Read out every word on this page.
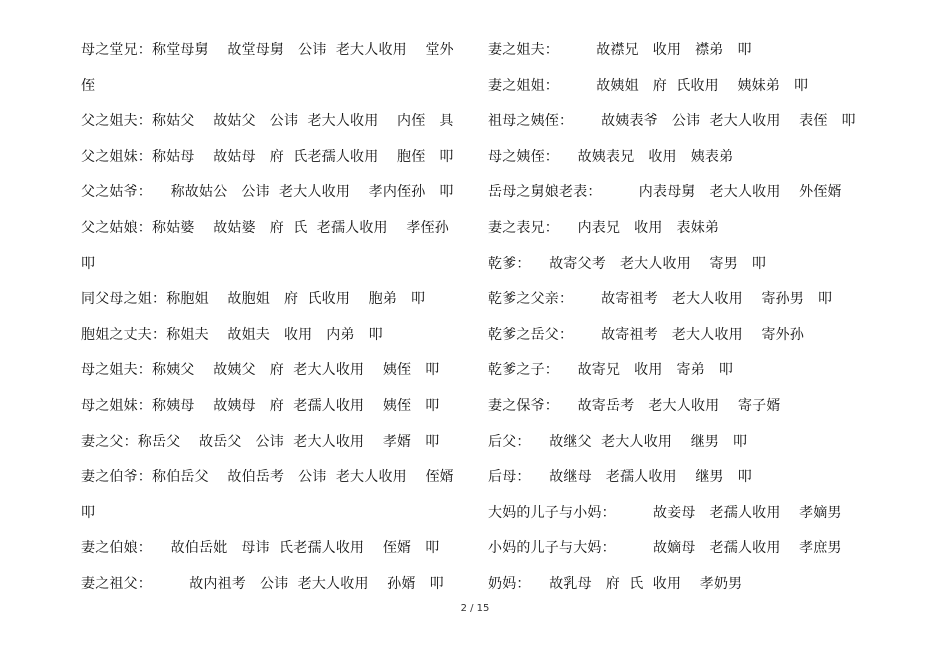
母之堂兄：称堂母舅    故堂母舅   公讳  老大人收用    堂外
侄
父之姐夫：称姑父    故姑父   公讳  老大人收用    内侄   具
父之姐妹：称姑母    故姑母   府  氏老孺人收用    胞侄   叩
父之姑爷：    称故姑公   公讳  老大人收用    孝内侄孙   叩
父之姑娘：称姑婆    故姑婆   府  氏  老孺人收用    孝侄孙
叩
同父母之姐：称胞姐    故胞姐   府  氏收用    胞弟   叩
胞姐之丈夫：称姐夫    故姐夫   收用   内弟   叩
母之姐夫：称姨父    故姨父   府  老大人收用    姨侄   叩
母之姐妹：称姨母    故姨母   府  老孺人收用    姨侄   叩
妻之父：称岳父    故岳父   公讳  老大人收用    孝婿   叩
妻之伯爷：称伯岳父    故伯岳考   公讳  老大人收用    侄婿
叩
妻之伯娘：    故伯岳妣   母讳  氏老孺人收用    侄婿   叩
妻之祖父：        故内祖考   公讳  老大人收用    孙婿   叩
妻之姐夫：        故襟兄   收用   襟弟   叩
妻之姐姐：        故姨姐   府  氏收用    姨妹弟   叩
祖母之姨侄：      故姨表爷   公讳  老大人收用    表侄   叩
母之姨侄：    故姨表兄   收用   姨表弟
岳母之舅娘老表：        内表母舅   老大人收用    外侄婿
妻之表兄：    内表兄   收用   表妹弟
乾爹：    故寄父考   老大人收用    寄男   叩
乾爹之父亲：      故寄祖考   老大人收用    寄孙男   叩
乾爹之岳父：      故寄祖考   老大人收用    寄外孙
乾爹之子：    故寄兄   收用   寄弟   叩
妻之保爷：    故寄岳考   老大人收用    寄子婿
后父：    故继父  老大人收用    继男   叩
后母：    故继母   老孺人收用    继男   叩
大妈的儿子与小妈：        故妾母   老孺人收用    孝嫡男
小妈的儿子与大妈：        故嫡母   老孺人收用    孝庶男
奶妈：    故乳母   府  氏  收用    孝奶男
2 / 15
